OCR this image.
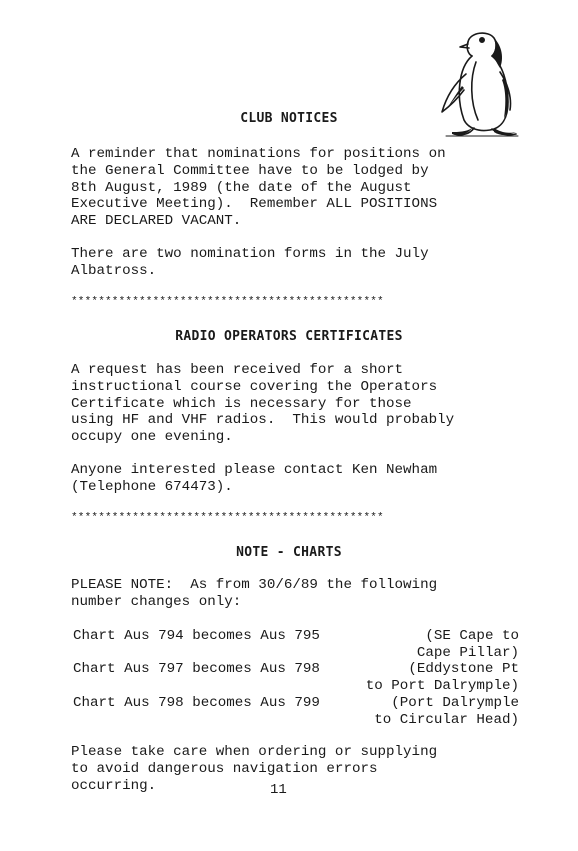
CLUB NOTICES
A reminder that nominations for positions on
the General Committee have to be lodged by
8th August, 1989 (the date of the August
Executive Meeting).  Remember ALL POSITIONS
ARE DECLARED VACANT.
There are two nomination forms in the July
Albatross.
**********************************************
RADIO OPERATORS CERTIFICATES
A request has been received for a short
instructional course covering the Operators
Certificate which is necessary for those
using HF and VHF radios.  This would probably
occupy one evening.
Anyone interested please contact Ken Newham
(Telephone 674473).
**********************************************
NOTE - CHARTS
PLEASE NOTE:  As from 30/6/89 the following
number changes only:
Chart Aus 794 becomes Aus 795	(SE Cape to
Cape Pillar)
Chart Aus 797 becomes Aus 798	(Eddystone Pt
to Port Dalrymple)
Chart Aus 798 becomes Aus 799	(Port Dalrymple
to Circular Head)
Please take care when ordering or supplying
to avoid dangerous navigation errors
occurring.	11
